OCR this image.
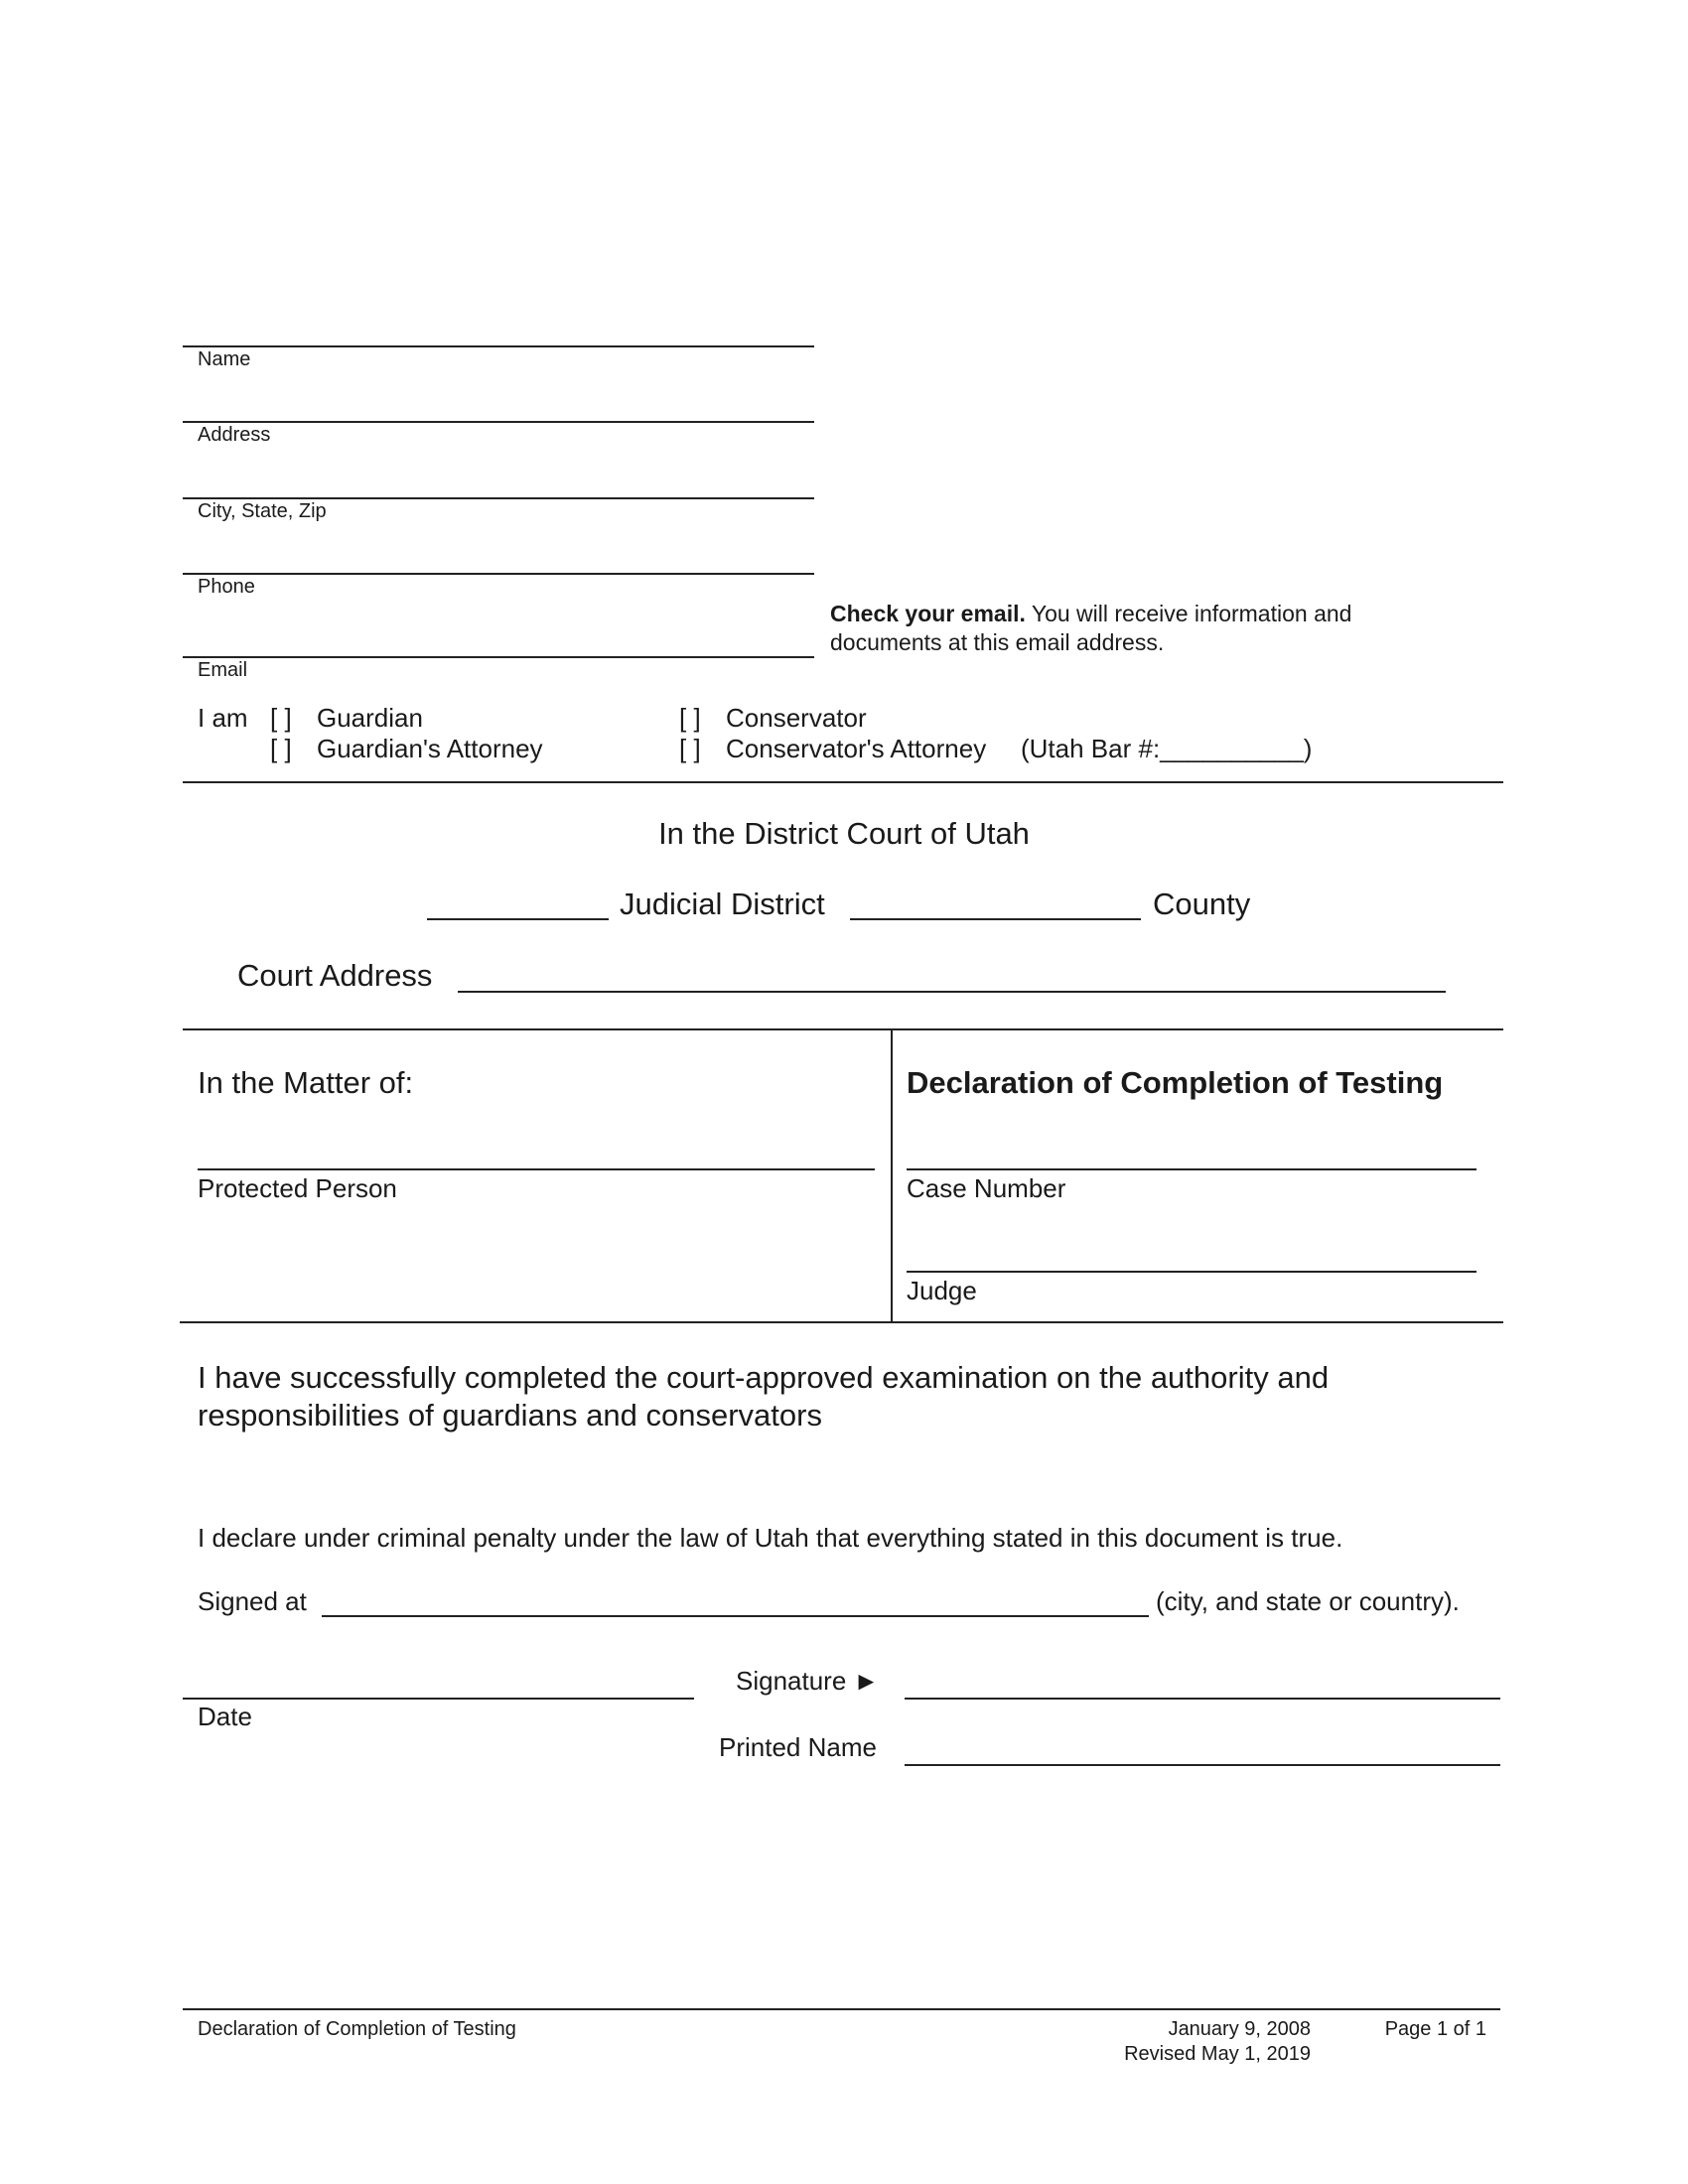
Name
Address
City, State, Zip
Phone
Email
Check your email. You will receive information and
documents at this email address.
I am [ ] Guardian
[ ] Guardian's Attorney
[ ] Conservator
[ ] Conservator's Attorney (Utah Bar #:__________)
In the District Court of Utah
Judicial District	County
Court Address
In the Matter of:
Protected Person
Declaration of Completion of Testing
Case Number
Judge
I have successfully completed the court-approved examination on the authority and
responsibilities of guardians and conservators
I declare under criminal penalty under the law of Utah that everything stated in this document is true.
Signed at	(city, and state or country).
Signature ►
Date
Printed Name
Declaration of Completion of Testing	January 9, 2008
Revised May 1, 2019
Page 1 of 1
